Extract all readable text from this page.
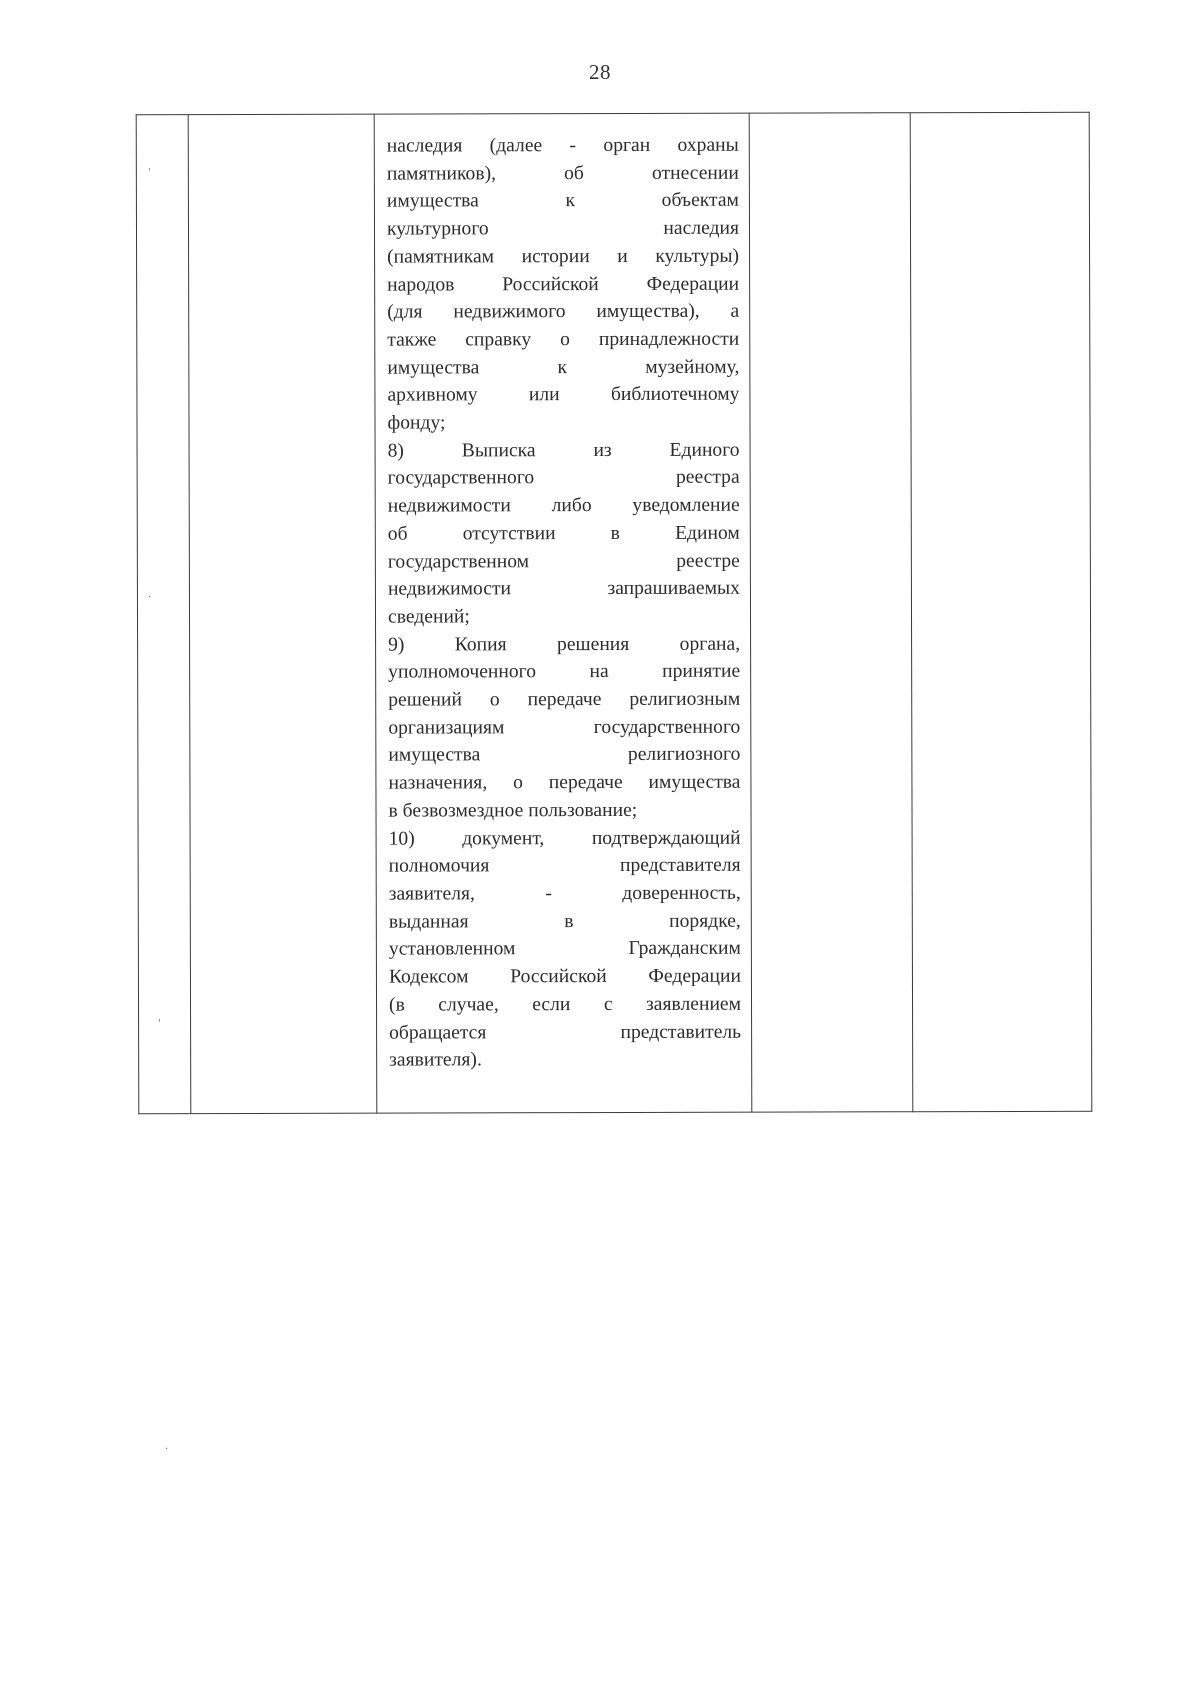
28

наследия (далее - орган охраны
памятников), об отнесении
имущества к объектам
культурного наследия
(памятникам истории и культуры)
народов Российской Федерации
(для недвижимого имущества), а
также справку о принадлежности
имущества к музейному,
архивному или библиотечному
фонду;
8) Выписка из Единого
государственного реестра
недвижимости либо уведомление
об отсутствии в Едином
государственном реестре
недвижимости запрашиваемых
сведений;
9) Копия решения органа,
уполномоченного на принятие
решений о передаче религиозным
организациям государственного
имущества религиозного
назначения, о передаче имущества
в безвозмездное пользование;
10) документ, подтверждающий
полномочия представителя
заявителя, - доверенность,
выданная в порядке,
установленном Гражданским
Кодексом Российской Федерации
(в случае, если с заявлением
обращается представитель
заявителя).

'
·
'
·
